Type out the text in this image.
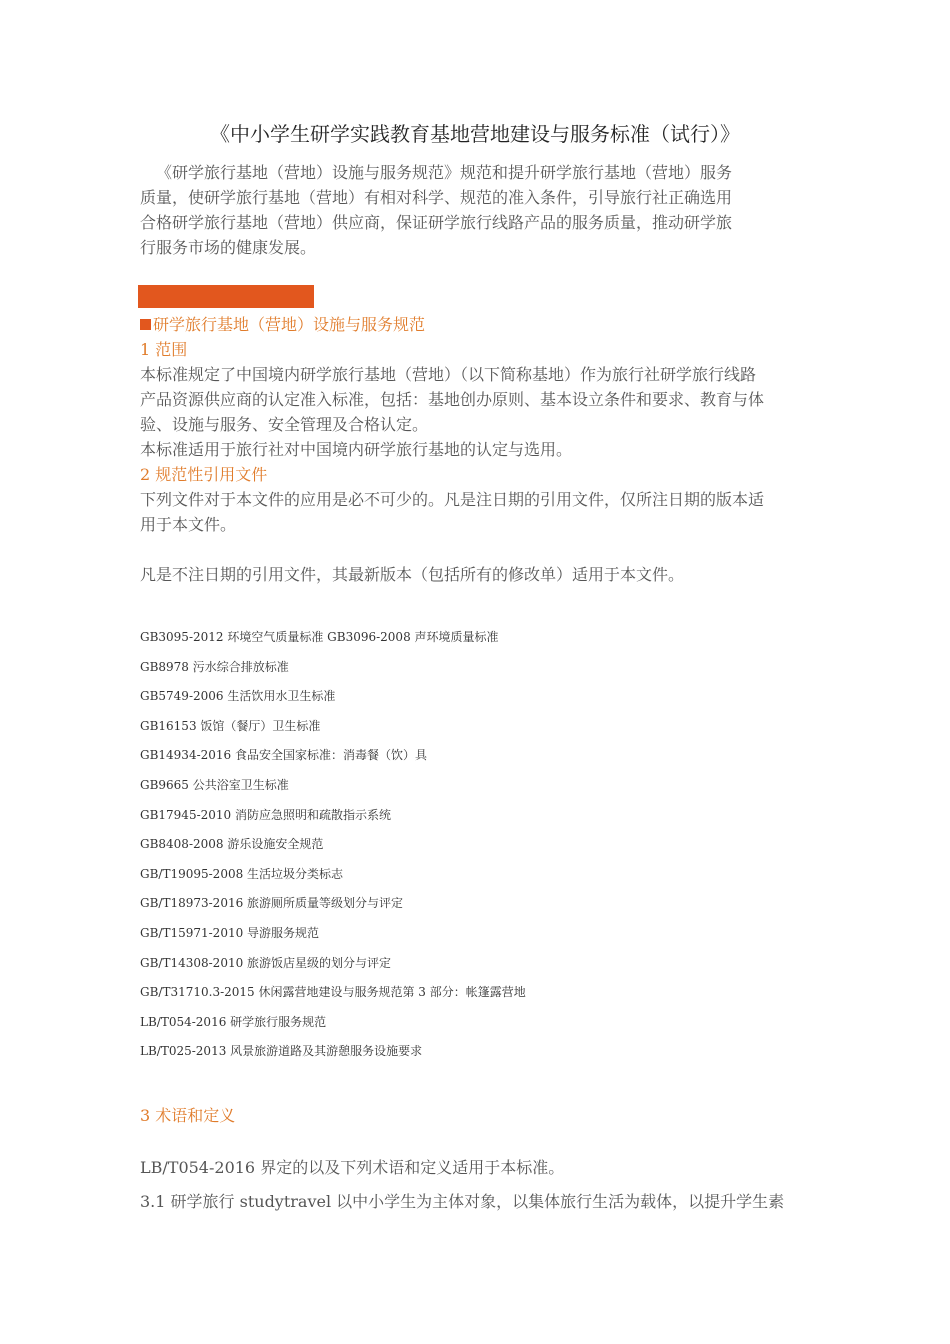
《中小学生研学实践教育基地营地建设与服务标准（试行）》

《研学旅行基地（营地）设施与服务规范》规范和提升研学旅行基地（营地）服务

质量，使研学旅行基地（营地）有相对科学、规范的准入条件，引导旅行社正确选用

合格研学旅行基地（营地）供应商，保证研学旅行线路产品的服务质量，推动研学旅

行服务市场的健康发展。

研学旅行基地（营地）设施与服务规范

1 范围

本标准规定了中国境内研学旅行基地（营地）（以下简称基地）作为旅行社研学旅行线路

产品资源供应商的认定准入标准，包括：基地创办原则、基本设立条件和要求、教育与体

验、设施与服务、安全管理及合格认定。

本标准适用于旅行社对中国境内研学旅行基地的认定与选用。

2 规范性引用文件

下列文件对于本文件的应用是必不可少的。凡是注日期的引用文件，仅所注日期的版本适

用于本文件。

凡是不注日期的引用文件，其最新版本（包括所有的修改单）适用于本文件。

GB3095-2012 环境空气质量标准 GB3096-2008 声环境质量标准
GB8978 污水综合排放标准
GB5749-2006 生活饮用水卫生标准
GB16153 饭馆（餐厅）卫生标准
GB14934-2016 食品安全国家标准：消毒餐（饮）具
GB9665 公共浴室卫生标准
GB17945-2010 消防应急照明和疏散指示系统
GB8408-2008 游乐设施安全规范
GB/T19095-2008 生活垃圾分类标志
GB/T18973-2016 旅游厕所质量等级划分与评定
GB/T15971-2010 导游服务规范
GB/T14308-2010 旅游饭店星级的划分与评定
GB/T31710.3-2015 休闲露营地建设与服务规范第 3 部分：帐篷露营地
LB/T054-2016 研学旅行服务规范
LB/T025-2013 风景旅游道路及其游憩服务设施要求
3 术语和定义
LB/T054-2016 界定的以及下列术语和定义适用于本标准。
3.1 研学旅行 studytravel 以中小学生为主体对象，以集体旅行生活为载体，以提升学生素
